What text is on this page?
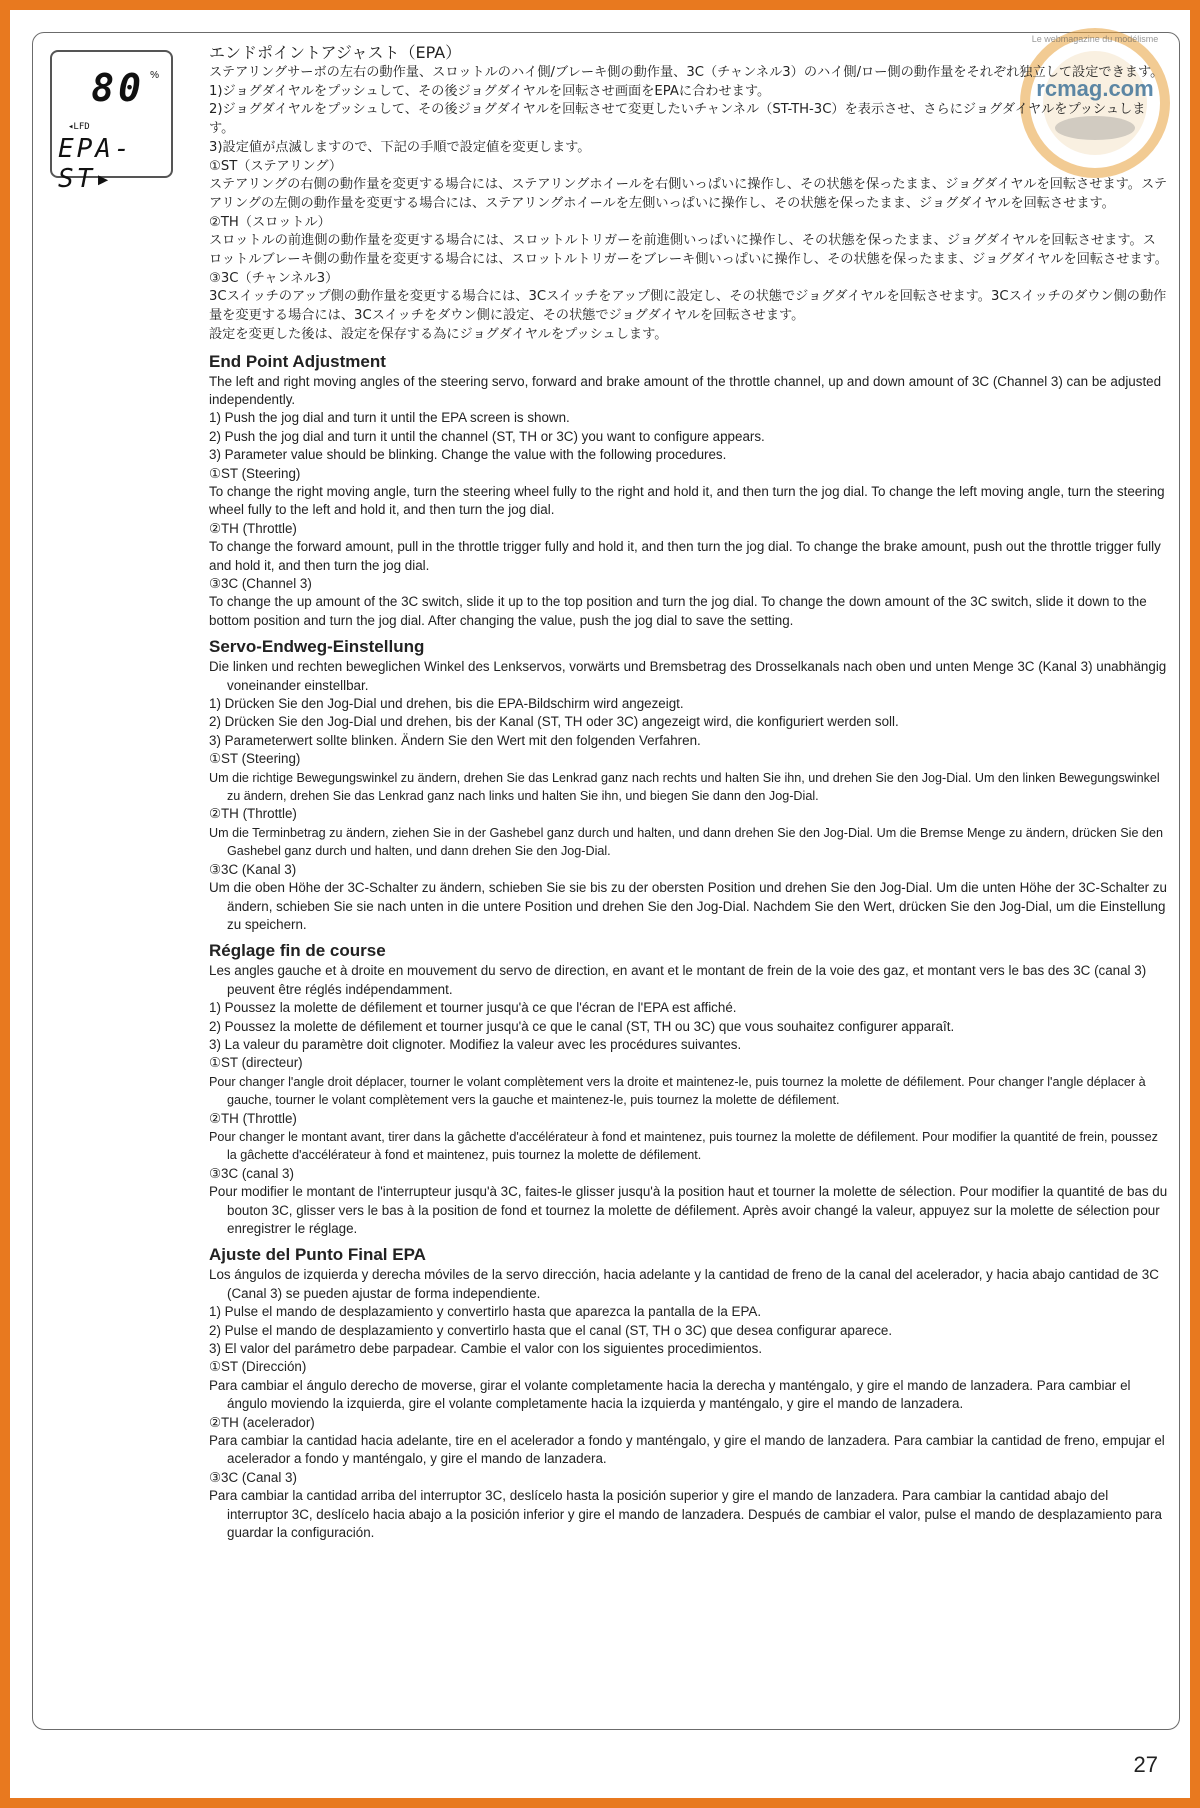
80 %
◂LFD
EPA-ST▸
rcmag.com
Le webmagazine du modélisme
エンドポイントアジャスト（EPA）

ステアリングサーボの左右の動作量、スロットルのハイ側/ブレーキ側の動作量、3C（チャンネル3）のハイ側/ロー側の動作量をそれぞれ独立して設定できます。

1)ジョグダイヤルをプッシュして、その後ジョグダイヤルを回転させ画面をEPAに合わせます。

2)ジョグダイヤルをプッシュして、その後ジョグダイヤルを回転させて変更したいチャンネル（ST-TH-3C）を表示させ、さらにジョグダイヤルをプッシュします。

3)設定値が点滅しますので、下記の手順で設定値を変更します。

①ST（ステアリング）

ステアリングの右側の動作量を変更する場合には、ステアリングホイールを右側いっぱいに操作し、その状態を保ったまま、ジョグダイヤルを回転させます。ステアリングの左側の動作量を変更する場合には、ステアリングホイールを左側いっぱいに操作し、その状態を保ったまま、ジョグダイヤルを回転させます。

②TH（スロットル）

スロットルの前進側の動作量を変更する場合には、スロットルトリガーを前進側いっぱいに操作し、その状態を保ったまま、ジョグダイヤルを回転させます。スロットルブレーキ側の動作量を変更する場合には、スロットルトリガーをブレーキ側いっぱいに操作し、その状態を保ったまま、ジョグダイヤルを回転させます。

③3C（チャンネル3）

3Cスイッチのアップ側の動作量を変更する場合には、3Cスイッチをアップ側に設定し、その状態でジョグダイヤルを回転させます。3Cスイッチのダウン側の動作量を変更する場合には、3Cスイッチをダウン側に設定、その状態でジョグダイヤルを回転させます。

設定を変更した後は、設定を保存する為にジョグダイヤルをプッシュします。

End Point Adjustment

The left and right moving angles of the steering servo, forward and brake amount of the throttle channel, up and down amount of 3C (Channel 3) can be adjusted independently.

1) Push the jog dial and turn it until the EPA screen is shown.

2) Push the jog dial and turn it until the channel (ST, TH or 3C) you want to configure appears.

3) Parameter value should be blinking. Change the value with the following procedures.

①ST (Steering)

To change the right moving angle, turn the steering wheel fully to the right and hold it, and then turn the jog dial. To change the left moving angle, turn the steering wheel fully to the left and hold it, and then turn the jog dial.

②TH (Throttle)

To change the forward amount, pull in the throttle trigger fully and hold it, and then turn the jog dial. To change the brake amount, push out the throttle trigger fully and hold it, and then turn the jog dial.

③3C (Channel 3)

To change the up amount of the 3C switch, slide it up to the top position and turn the jog dial. To change the down amount of the 3C switch, slide it down to the bottom position and turn the jog dial. After changing the value, push the jog dial to save the setting.

Servo-Endweg-Einstellung

Die linken und rechten beweglichen Winkel des Lenkservos, vorwärts und Bremsbetrag des Drosselkanals nach oben und unten Menge 3C (Kanal 3) unabhängig voneinander einstellbar.

1) Drücken Sie den Jog-Dial und drehen, bis die EPA-Bildschirm wird angezeigt.

2) Drücken Sie den Jog-Dial und drehen, bis der Kanal (ST, TH oder 3C) angezeigt wird, die konfiguriert werden soll.

3) Parameterwert sollte blinken. Ändern Sie den Wert mit den folgenden Verfahren.

①ST (Steering)

Um die richtige Bewegungswinkel zu ändern, drehen Sie das Lenkrad ganz nach rechts und halten Sie ihn, und drehen Sie den Jog-Dial. Um den linken Bewegungswinkel zu ändern, drehen Sie das Lenkrad ganz nach links und halten Sie ihn, und biegen Sie dann den Jog-Dial.

②TH (Throttle)

Um die Terminbetrag zu ändern, ziehen Sie in der Gashebel ganz durch und halten, und dann drehen Sie den Jog-Dial. Um die Bremse Menge zu ändern, drücken Sie den Gashebel ganz durch und halten, und dann drehen Sie den Jog-Dial.

③3C (Kanal 3)

Um die oben Höhe der 3C-Schalter zu ändern, schieben Sie sie bis zu der obersten Position und drehen Sie den Jog-Dial. Um die unten Höhe der 3C-Schalter zu ändern, schieben Sie sie nach unten in die untere Position und drehen Sie den Jog-Dial. Nachdem Sie den Wert, drücken Sie den Jog-Dial, um die Einstellung zu speichern.

Réglage fin de course

Les angles gauche et à droite en mouvement du servo de direction, en avant et le montant de frein de la voie des gaz, et montant vers le bas des 3C (canal 3) peuvent être réglés indépendamment.

1) Poussez la molette de défilement et tourner jusqu'à ce que l'écran de l'EPA est affiché.

2) Poussez la molette de défilement et tourner jusqu'à ce que le canal (ST, TH ou 3C) que vous souhaitez configurer apparaît.

3) La valeur du paramètre doit clignoter. Modifiez la valeur avec les procédures suivantes.

①ST (directeur)

Pour changer l'angle droit déplacer, tourner le volant complètement vers la droite et maintenez-le, puis tournez la molette de défilement. Pour changer l'angle déplacer à gauche, tourner le volant complètement vers la gauche et maintenez-le, puis tournez la molette de défilement.

②TH (Throttle)

Pour changer le montant avant, tirer dans la gâchette d'accélérateur à fond et maintenez, puis tournez la molette de défilement. Pour modifier la quantité de frein, poussez la gâchette d'accélérateur à fond et maintenez, puis tournez la molette de défilement.

③3C (canal 3)

Pour modifier le montant de l'interrupteur jusqu'à 3C, faites-le glisser jusqu'à la position haut et tourner la molette de sélection. Pour modifier la quantité de bas du bouton 3C, glisser vers le bas à la position de fond et tournez la molette de défilement. Après avoir changé la valeur, appuyez sur la molette de sélection pour enregistrer le réglage.

Ajuste del Punto Final EPA

Los ángulos de izquierda y derecha móviles de la servo dirección, hacia adelante y la cantidad de freno de la canal del acelerador, y hacia abajo cantidad de 3C (Canal 3) se pueden ajustar de forma independiente.

1) Pulse el mando de desplazamiento y convertirlo hasta que aparezca la pantalla de la EPA.

2) Pulse el mando de desplazamiento y convertirlo hasta que el canal (ST, TH o 3C) que desea configurar aparece.

3) El valor del parámetro debe parpadear. Cambie el valor con los siguientes procedimientos.

①ST (Dirección)

Para cambiar el ángulo derecho de moverse, girar el volante completamente hacia la derecha y manténgalo, y gire el mando de lanzadera. Para cambiar el ángulo moviendo la izquierda, gire el volante completamente hacia la izquierda y manténgalo, y gire el mando de lanzadera.

②TH (acelerador)

Para cambiar la cantidad hacia adelante, tire en el acelerador a fondo y manténgalo, y gire el mando de lanzadera. Para cambiar la cantidad de freno, empujar el acelerador a fondo y manténgalo, y gire el mando de lanzadera.

③3C (Canal 3)

Para cambiar la cantidad arriba del interruptor 3C, deslícelo hasta la posición superior y gire el mando de lanzadera. Para cambiar la cantidad abajo del interruptor 3C, deslícelo hacia abajo a la posición inferior y gire el mando de lanzadera. Después de cambiar el valor, pulse el mando de desplazamiento para guardar la configuración.

27
